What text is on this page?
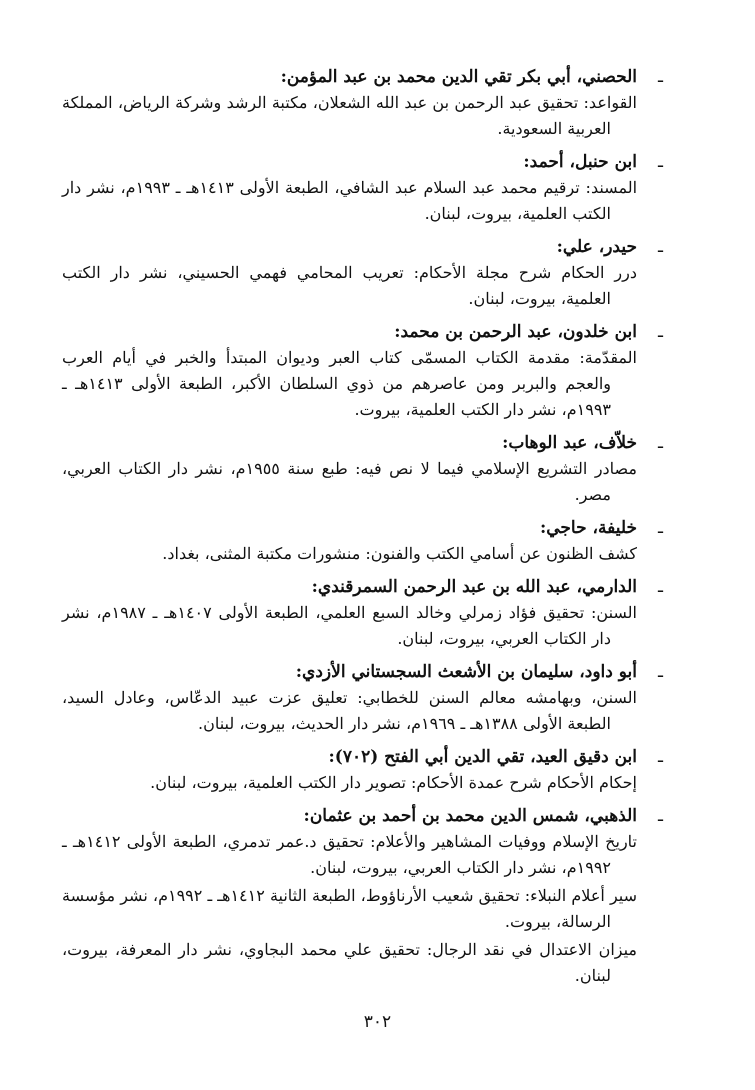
ـ
الحصني، أبي بكر تقي الدين محمد بن عبد المؤمن:
القواعد: تحقيق عبد الرحمن بن عبد الله الشعلان، مكتبة الرشد وشركة الرياض، المملكة العربية السعودية.
ـ
ابن حنبل، أحمد:
المسند: ترقيم محمد عبد السلام عبد الشافي، الطبعة الأولى ١٤١٣هـ ـ ١٩٩٣م، نشر دار الكتب العلمية، بيروت، لبنان.
ـ
حيدر، علي:
درر الحكام شرح مجلة الأحكام: تعريب المحامي فهمي الحسيني، نشر دار الكتب العلمية، بيروت، لبنان.
ـ
ابن خلدون، عبد الرحمن بن محمد:
المقدّمة: مقدمة الكتاب المسمّى كتاب العبر وديوان المبتدأ والخبر في أيام العرب والعجم والبربر ومن عاصرهم من ذوي السلطان الأكبر، الطبعة الأولى ١٤١٣هـ ـ ١٩٩٣م، نشر دار الكتب العلمية، بيروت.
ـ
خلاّف، عبد الوهاب:
مصادر التشريع الإسلامي فيما لا نص فيه: طبع سنة ١٩٥٥م، نشر دار الكتاب العربي، مصر.
ـ
خليفة، حاجي:
كشف الظنون عن أسامي الكتب والفنون: منشورات مكتبة المثنى، بغداد.
ـ
الدارمي، عبد الله بن عبد الرحمن السمرقندي:
السنن: تحقيق فؤاد زمرلي وخالد السبع العلمي، الطبعة الأولى ١٤٠٧هـ ـ ١٩٨٧م، نشر دار الكتاب العربي، بيروت، لبنان.
ـ
أبو داود، سليمان بن الأشعث السجستاني الأزدي:
السنن، وبهامشه معالم السنن للخطابي: تعليق عزت عبيد الدعّاس، وعادل السيد، الطبعة الأولى ١٣٨٨هـ ـ ١٩٦٩م، نشر دار الحديث، بيروت، لبنان.
ـ
ابن دقيق العيد، تقي الدين أبي الفتح (٧٠٢):
إحكام الأحكام شرح عمدة الأحكام: تصوير دار الكتب العلمية، بيروت، لبنان.
ـ
الذهبي، شمس الدين محمد بن أحمد بن عثمان:
تاريخ الإسلام ووفيات المشاهير والأعلام: تحقيق د.عمر تدمري، الطبعة الأولى ١٤١٢هـ ـ ١٩٩٢م، نشر دار الكتاب العربي، بيروت، لبنان.
سير أعلام النبلاء: تحقيق شعيب الأرناؤوط، الطبعة الثانية ١٤١٢هـ ـ ١٩٩٢م، نشر مؤسسة الرسالة، بيروت.
ميزان الاعتدال في نقد الرجال: تحقيق علي محمد البجاوي، نشر دار المعرفة، بيروت، لبنان.
٣٠٢
